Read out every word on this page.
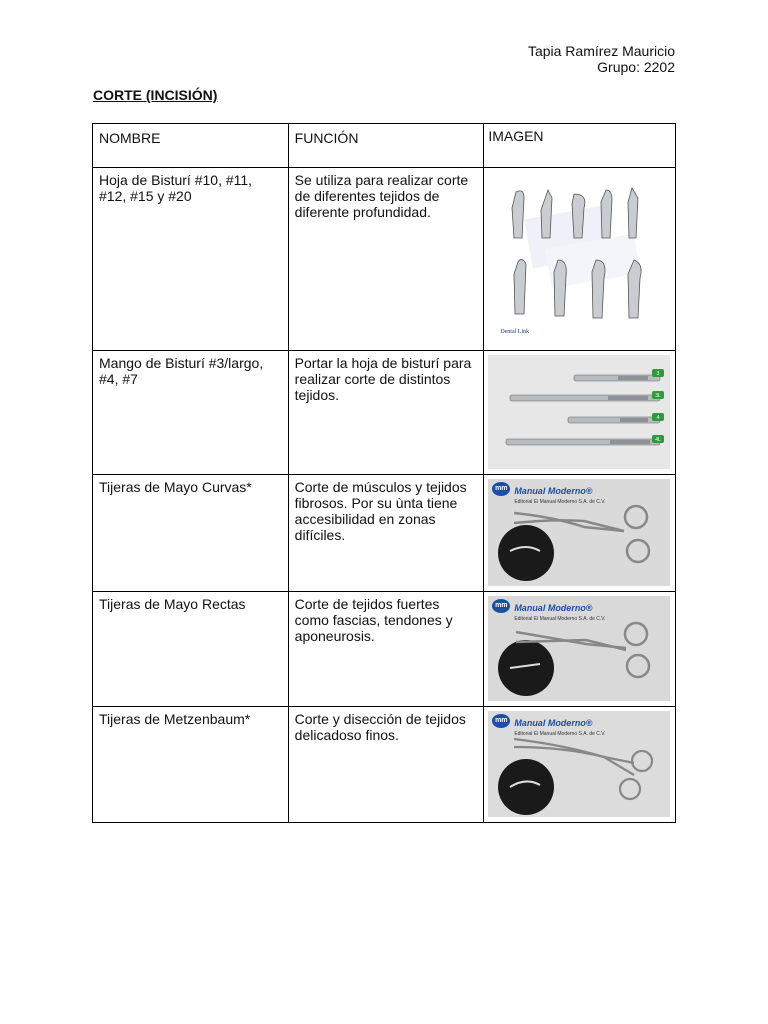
Tapia Ramírez Mauricio
Grupo: 2202
CORTE (INCISIÓN)
NOMBRE	FUNCIÓN	IMAGEN
Hoja de Bisturí #10, #11, #12, #15 y #20	Se utiliza para realizar corte de diferentes tejidos de diferente profundidad.	Dental Link

Mango de Bisturí #3/largo, #4, #7	Portar la hoja de bisturí para realizar corte de distintos tejidos.	3
3L
4
4L

Tijeras de Mayo Curvas*	Corte de músculos y tejidos fibrosos. Por su ùnta tiene accesibilidad en zonas difíciles.	mm Manual Moderno®
Editorial El Manual Moderno S.A. de C.V.

Tijeras de Mayo Rectas	Corte de tejidos fuertes como fascias, tendones y aponeurosis.	mm Manual Moderno®
Editorial El Manual Moderno S.A. de C.V.

Tijeras de Metzenbaum*	Corte y disección de tejidos delicadoso finos.	mm Manual Moderno®
Editorial El Manual Moderno S.A. de C.V.
